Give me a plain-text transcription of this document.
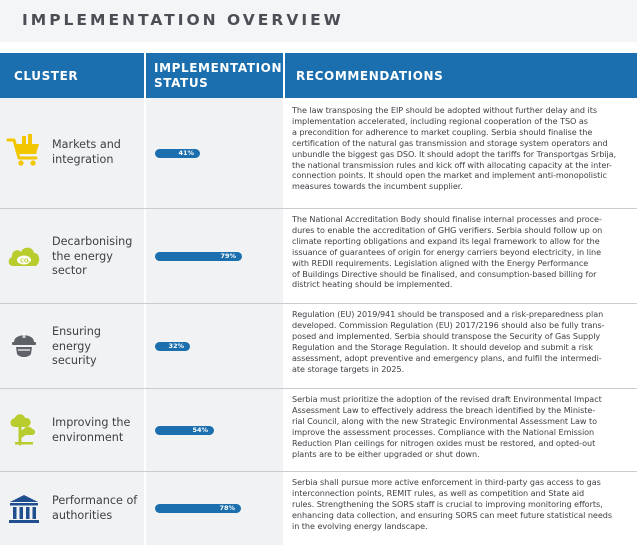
IMPLEMENTATION OVERVIEW
CLUSTER
IMPLEMENTATION
STATUS	RECOMMENDATIONS
Markets and
integration	41%
The law transposing the EIP should be adopted without further delay and its
implementation accelerated, including regional cooperation of the TSO as
a precondition for adherence to market coupling. Serbia should finalise the
certification of the natural gas transmission and storage system operators and
unbundle the biggest gas DSO. It should adopt the tariffs for Transportgas Srbija,
the national transmission rules and kick off with allocating capacity at the inter-
connection points. It should open the market and implement anti-monopolistic
measures towards the incumbent supplier.
CO 2
Decarbonising
the energy
sector
79%
The National Accreditation Body should finalise internal processes and proce-
dures to enable the accreditation of GHG verifiers. Serbia should follow up on
climate reporting obligations and expand its legal framework to allow for the
issuance of guarantees of origin for energy carriers beyond electricity, in line
with REDII requirements. Legislation aligned with the Energy Performance
of Buildings Directive should be finalised, and consumption-based billing for
district heating should be implemented.
Ensuring
energy
security
32%
Regulation (EU) 2019/941 should be transposed and a risk-preparedness plan
developed. Commission Regulation (EU) 2017/2196 should also be fully trans-
posed and implemented. Serbia should transpose the Security of Gas Supply
Regulation and the Storage Regulation. It should develop and submit a risk
assessment, adopt preventive and emergency plans, and fulfil the intermedi-
ate storage targets in 2025.
Improving the
environment
54%
Serbia must prioritize the adoption of the revised draft Environmental Impact
Assessment Law to effectively address the breach identified by the Ministe-
rial Council, along with the new Strategic Environmental Assessment Law to
improve the assessment processes. Compliance with the National Emission
Reduction Plan ceilings for nitrogen oxides must be restored, and opted-out
plants are to be either upgraded or shut down.
Performance of
authorities
78%
Serbia shall pursue more active enforcement in third-party gas access to gas
interconnection points, REMIT rules, as well as competition and State aid
rules. Strengthening the SORS staff is crucial to improving monitoring efforts,
enhancing data collection, and ensuring SORS can meet future statistical needs
in the evolving energy landscape.
